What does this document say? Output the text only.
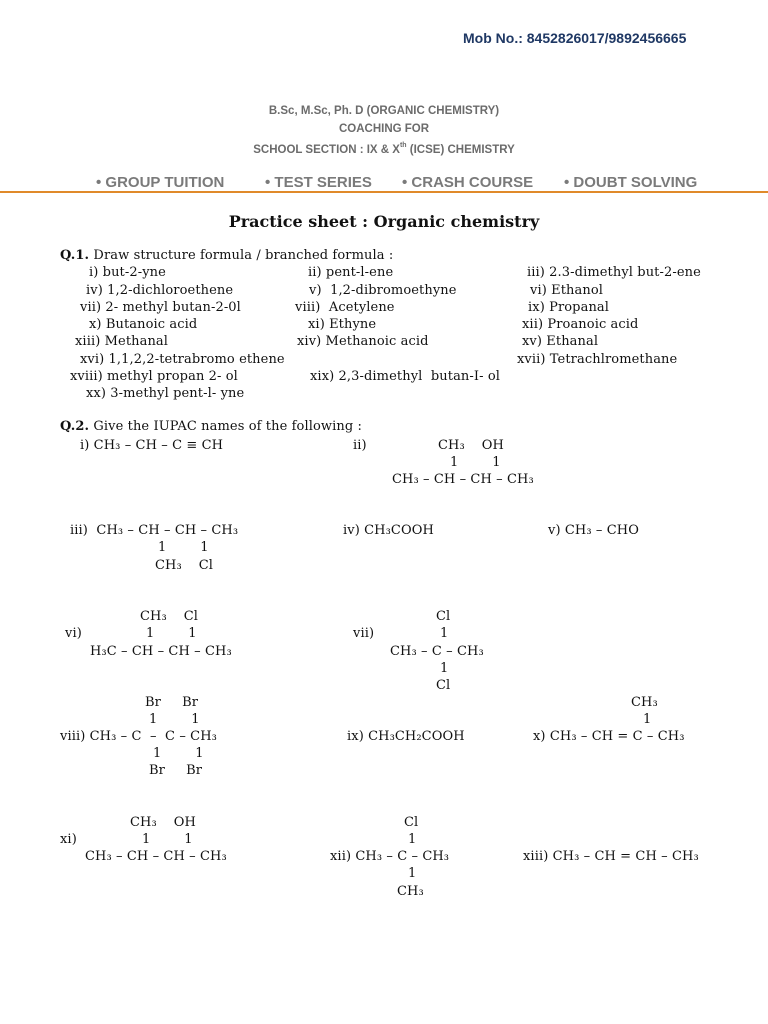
Mob No.: 8452826017/9892456665
B.Sc, M.Sc, Ph. D (ORGANIC CHEMISTRY)
COACHING FOR
SCHOOL SECTION : IX & Xth (ICSE) CHEMISTRY
• GROUP TUITION	• TEST SERIES • CRASH COURSE • DOUBT SOLVING
Practice sheet : Organic chemistry
Q.1. Draw structure formula / branched formula :
i) but-2-yne	ii) pent-l-ene	iii) 2.3-dimethyl but-2-ene
iv) 1,2-dichloroethene	v)  1,2-dibromoethyne	vi) Ethanol
vii) 2- methyl butan-2-0l	viii)  Acetylene	ix) Propanal
x) Butanoic acid	xi) Ethyne	xii) Proanoic acid
xiii) Methanal	xiv) Methanoic acid	xv) Ethanal
xvi) 1,1,2,2-tetrabromo ethene	xvii) Tetrachlromethane
xviii) methyl propan 2- ol	xix) 2,3-dimethyl  butan-I- ol
xx) 3-methyl pent-l- yne
Q.2. Give the IUPAC names of the following :
i) CH₃ – CH – C ≡ CH	ii)	CH₃    OH
1        1
CH₃ – CH – CH – CH₃
iii)  CH₃ – CH – CH – CH₃
1        1
CH₃    Cl
iv) CH₃COOH	v) CH₃ – CHO
CH₃    Cl
vi)	1        1
H₃C – CH – CH – CH₃
Cl
vii)	1
CH₃ – C – CH₃
1
Cl
Br     Br
1        1
viii) CH₃ – C  –  C – CH₃
1        1
Br     Br
ix) CH₃CH₂COOH
CH₃
1
x) CH₃ – CH = C – CH₃
CH₃    OH
xi)	1        1
CH₃ – CH – CH – CH₃
Cl
1
xii) CH₃ – C – CH₃
1
CH₃
xiii) CH₃ – CH = CH – CH₃
